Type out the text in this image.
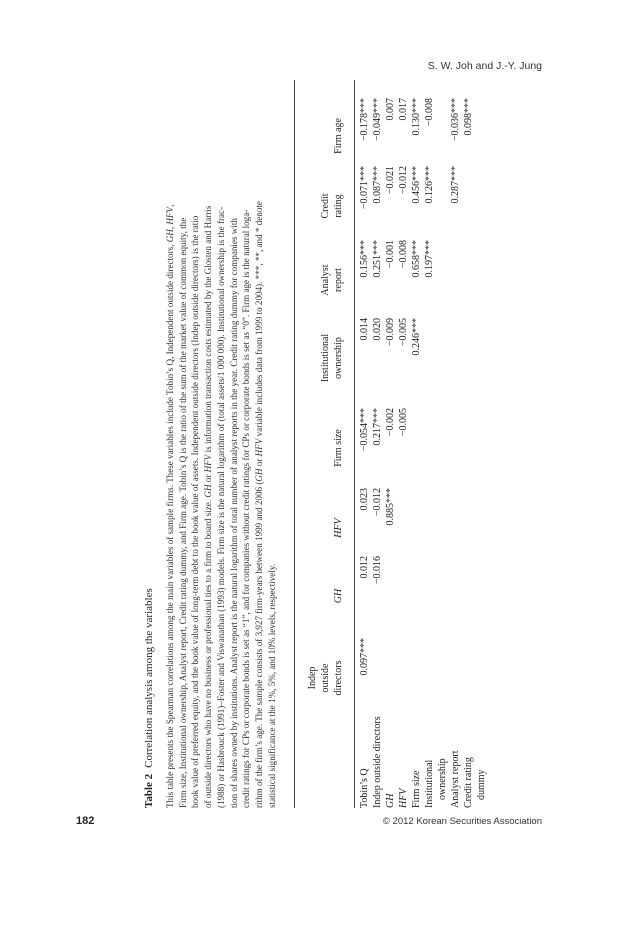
S. W. Joh and J.-Y. Jung
Table 2Correlation analysis among the variables This table presents the Spearman correlations among the main variables of sample firms. These variables include Tobin’s Q, Independent outside directors, GH, HFV,
Firm size, Institutional ownership, Analyst report, Credit rating dummy, and Firm age. Tobin’s Q is the ratio of the sum of the market value of common equity, the book value of preferred equity, and the book value of long-term debt to the book value of assets. Independent outside directors (Indep outside directors) is the ratio of outside directors who have no business or professional ties to a firm to board size. GH or HFV is information transaction costs estimated by the Glosten and Harris (1988) or Hasbrouck (1991)–Foster and Viswanathan (1993) models. Firm size is the natural logarithm of (total assets/1 000 000). Institutional ownership is the frac- tion of shares owned by institutions. Analyst report is the natural logarithm of total number of analyst reports in the year. Credit rating dummy for companies with credit ratings for CPs or corporate bonds is set as “1”, and for companies without credit ratings for CPs or corporate bonds is set as “0”. Firm age is the natural loga- rithm of the firm’s age. The sample consists of 3,927 firm-years between 1999 and 2006 (GH or HFV variable includes data from 1999 to 2004). ***, **, and * denote
statistical significance at the 1%, 5%, and 10% levels, respectively.	Indep outside directors
GH
HFV
Firm size
Institutional ownership
Analyst report
Credit rating
Firm age
Tobin’s Q
0.097***
0.012
0.023
−0.054***
0.014
0.156***
−0.071***
−0.178***
Indep outside directors
−0.016
−0.012
0.217***
0.020
0.251***
0.087***
−0.049***
GH
0.885***
−0.002
−0.009
−0.001
−0.021
0.007
HFV
−0.005
−0.005
−0.008
−0.012
0.017
Firm size
0.246***
0.658***
0.456***
0.130***
Institutional ownership
0.197***
0.126***
−0.008
Analyst report
0.287***
−0.036***
Credit rating dummy
0.098***
182	© 2012 Korean Securities Association
